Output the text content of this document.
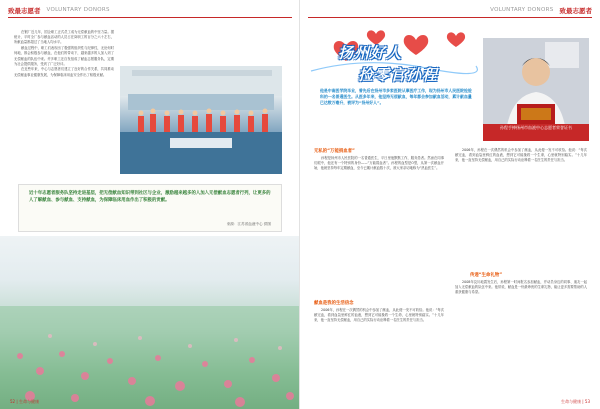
致最志愿者 VOLUNTARY DONORS

在钢厂近几年，国企职工正式员工成为无偿献血的中坚力量。据统计，平时全厂参与献血活动的人员占在岗职工的百分之六十左右，所献血量都超过了当地人均水平。

献血过程中，职工们表现出了极强的组织性与纪律性，无论何时何地，都会积极参与献血，在他们的带动下，越来越多的人加入到了无偿献血的队伍中来。许多职工还自发组成了献血志愿服务队，定期为社会提供服务，受到了广泛好评。

在近些年来，中心与志愿者们建立了良好的合作关系，共同推动无偿献血事业健康发展，为保障临床用血安全作出了积极贡献。

近十年志愿者服务队坚持走进基层，把无偿献血知识带到社区与企业，激励越来越多的人加入无偿献血志愿者行列，让更多的人了解献血、参与献血、支持献血，为保障临床用血作出了积极的贡献。
来源：江苏省血液中心 供图
52 | 生命与健康
VOLUNTARY DONORS 致最志愿者
扬州好人
捡零官孙程
他是中南医学院毕业，曾先后在扬州市多家医院从事医疗工作，现为扬州市人民医院检验科的一名普通医生。从医多年来，他坚持无偿献血，每年都会参加献血活动，累计献血量已达数万毫升，被评为“扬州好人”。
孙程手捧扬州市血液中心志愿者荣誉证书
无私的“万能捐血者”

孙程是扬州市人民医院的一名普通医生，平日里他默默工作，服务患者。然而在同事们眼中，他还有一个特别的身份——“万能捐血者”。孙程的血型是O型，从第一次献血开始，他就坚持每年定期献血，至今已累计献血数十次，被大家亲切地称为“热血医生”。

献血是我的生活信念

2006年，孙程在一次偶然的机会中参加了献血，从此便一发不可收拾。他说：“每次献完血，看到血袋里鲜红的血液，想到它可能挽救一个生命，心里就特别踏实。”十几年来，他一直坚持无偿献血，用自己的实际行动诠释着一名医生的责任与担当。

2006年，孙程在一次偶然的机会中参加了献血，从此便一发不可收拾。他说：“每次献完血，看到血袋里鲜红的血液，想到它可能挽救一个生命，心里就特别踏实。”十几年来，他一直坚持无偿献血，用自己的实际行动诠释着一名医生的责任与担当。

传递“生命礼物”

2008年汶川地震发生后，孙程第一时间报名参加献血，并动员身边的同事、朋友一起加入无偿献血的队伍中来。他常说，献血是一份最珍贵的生命礼物，能让更多需要帮助的人重获健康与希望。

生命与健康 | 53
